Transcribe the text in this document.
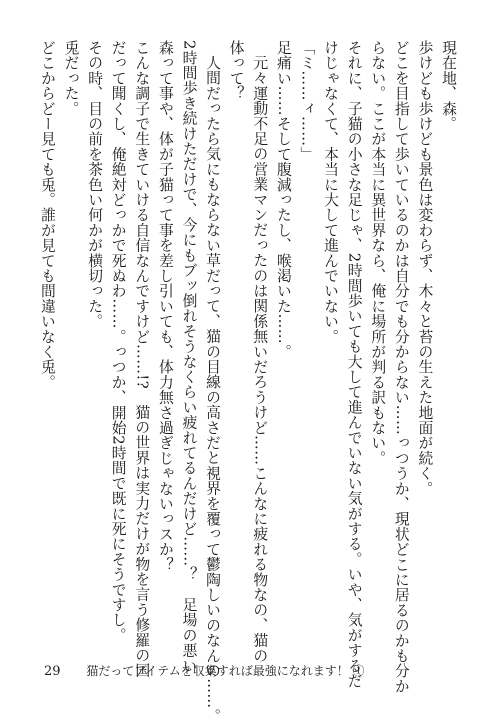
現在地、森。
歩けども歩けども景色は変わらず、木々と苔の生えた地面が続く。
どこを目指して歩いているのかは自分でも分からない……っつうか、現状どこに居るのかも分か
らない。ここが本当に異世界なら、俺に場所が判る訳もない。
それに、子猫の小さな足じゃ、2時間歩いても大して進んでいない気がする。いや、気がするだ
けじゃなくて、本当に大して進んでいない。
「ミ……ィ……」
足痛い……そして腹減ったし、喉渇いた……。
元々運動不足の営業マンだったのは関係無いだろうけど……こんなに疲れる物なの、猫の
体って？
人間だったら気にもならない草だって、猫の目線の高さだと視界を覆って鬱陶しいのなんの……。
2時間歩き続けただけで、今にもブッ倒れそうなくらい疲れてるんだけど……？　足場の悪い
森って事や、体が子猫って事を差し引いても、体力無さ過ぎじゃないっスか？
こんな調子で生きていける自信なんですけど……!?　猫の世界は実力だけが物を言う修羅の国
だって聞くし、俺絶対どっかで死ぬわ……。っつか、開始2時間で既に死にそうですし。
その時、目の前を茶色い何かが横切った。
兎だった。
どこからどー見ても兎。誰が見ても間違いなく兎。
29 猫だってアイテムを収集すれば最強になれます！ ①
